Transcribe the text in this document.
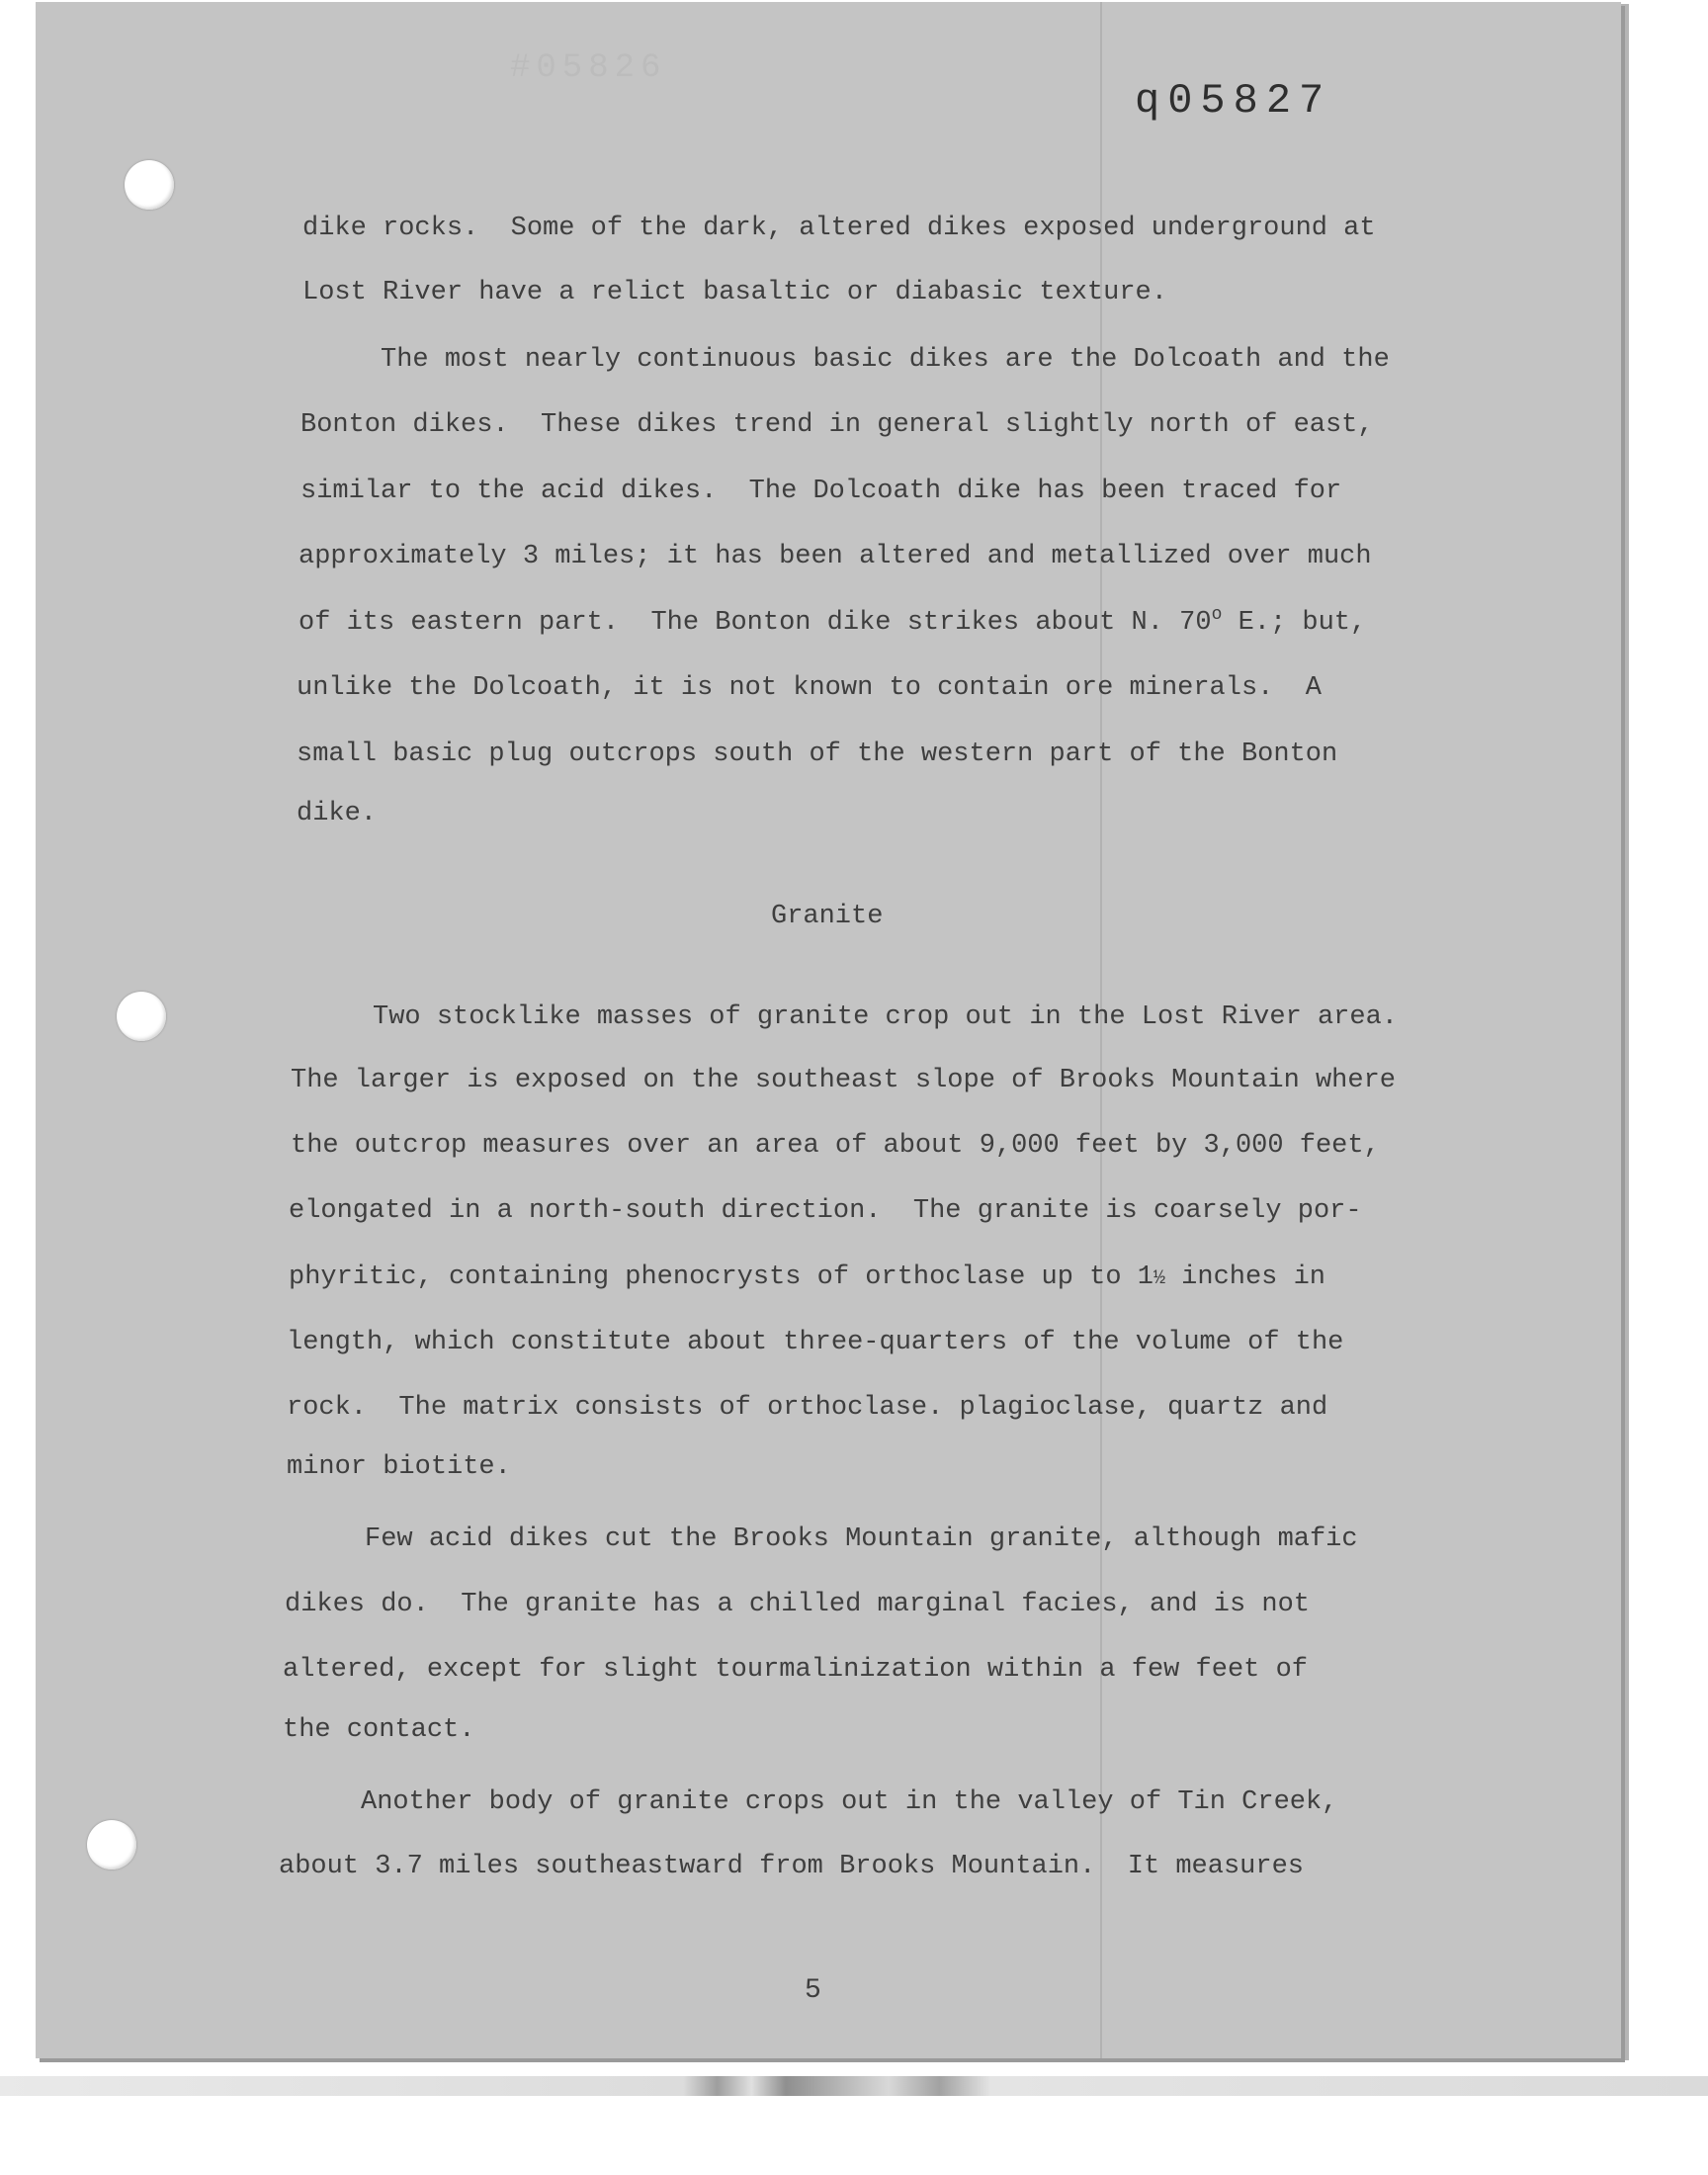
#05826
q05827
dike rocks.  Some of the dark, altered dikes exposed underground at
Lost River have a relict basaltic or diabasic texture.
The most nearly continuous basic dikes are the Dolcoath and the
Bonton dikes.  These dikes trend in general slightly north of east,
similar to the acid dikes.  The Dolcoath dike has been traced for
approximately 3 miles; it has been altered and metallized over much
of its eastern part.  The Bonton dike strikes about N. 70$^o$ E.; but,
unlike the Dolcoath, it is not known to contain ore minerals.  A
small basic plug outcrops south of the western part of the Bonton
dike.
Granite
Two stocklike masses of granite crop out in the Lost River area.
The larger is exposed on the southeast slope of Brooks Mountain where
the outcrop measures over an area of about 9,000 feet by 3,000 feet,
elongated in a north-south direction.  The granite is coarsely por-
phyritic, containing phenocrysts of orthoclase up to 1½ inches in
length, which constitute about three-quarters of the volume of the
rock.  The matrix consists of orthoclase. plagioclase, quartz and
minor biotite.
Few acid dikes cut the Brooks Mountain granite, although mafic
dikes do.  The granite has a chilled marginal facies, and is not
altered, except for slight tourmalinization within a few feet of
the contact.
Another body of granite crops out in the valley of Tin Creek,
about 3.7 miles southeastward from Brooks Mountain.  It measures
5
